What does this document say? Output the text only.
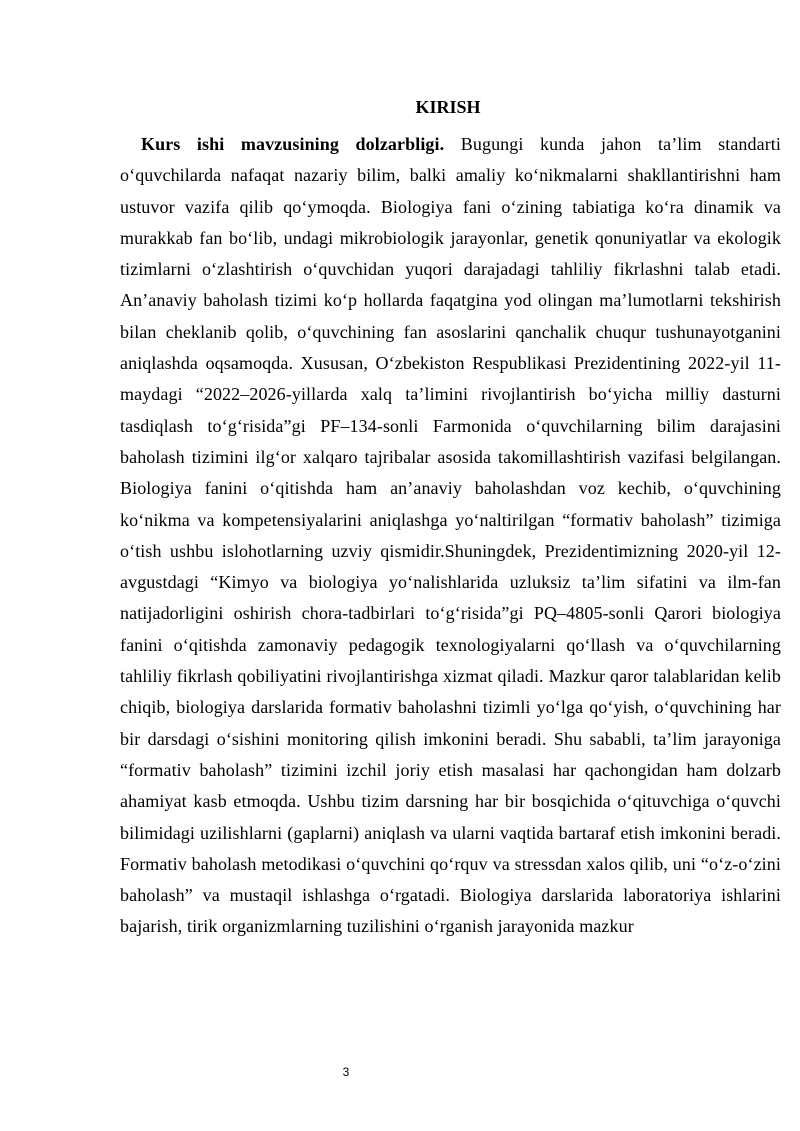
KIRISH

Kurs ishi mavzusining dolzarbligi. Bugungi kunda jahon ta’lim standarti o‘quvchilarda nafaqat nazariy bilim, balki amaliy ko‘nikmalarni shakllantirishni ham ustuvor vazifa qilib qo‘ymoqda. Biologiya fani o‘zining tabiatiga ko‘ra dinamik va murakkab fan bo‘lib, undagi mikrobiologik jarayonlar, genetik qonuniyatlar va ekologik tizimlarni o‘zlashtirish o‘quvchidan yuqori darajadagi tahliliy fikrlashni talab etadi. An’anaviy baholash tizimi ko‘p hollarda faqatgina yod olingan ma’lumotlarni tekshirish bilan cheklanib qolib, o‘quvchining fan asoslarini qanchalik chuqur tushunayotganini aniqlashda oqsamoqda. Xususan, O‘zbekiston Respublikasi Prezidentining 2022-yil 11-maydagi “2022–2026-yillarda xalq ta’limini rivojlantirish bo‘yicha milliy dasturni tasdiqlash to‘g‘risida”gi PF–134-sonli Farmonida o‘quvchilarning bilim darajasini baholash tizimini ilg‘or xalqaro tajribalar asosida takomillashtirish vazifasi belgilangan. Biologiya fanini o‘qitishda ham an’anaviy baholashdan voz kechib, o‘quvchining ko‘nikma va kompetensiyalarini aniqlashga yo‘naltirilgan “formativ baholash” tizimiga o‘tish ushbu islohotlarning uzviy qismidir.Shuningdek, Prezidentimizning 2020-yil 12-avgustdagi “Kimyo va biologiya yo‘nalishlarida uzluksiz ta’lim sifatini va ilm-fan natijadorligini oshirish chora-tadbirlari to‘g‘risida”gi PQ–4805-sonli Qarori biologiya fanini o‘qitishda zamonaviy pedagogik texnologiyalarni qo‘llash va o‘quvchilarning tahliliy fikrlash qobiliyatini rivojlantirishga xizmat qiladi. Mazkur qaror talablaridan kelib chiqib, biologiya darslarida formativ baholashni tizimli yo‘lga qo‘yish, o‘quvchining har bir darsdagi o‘sishini monitoring qilish imkonini beradi. Shu sababli, ta’lim jarayoniga “formativ baholash” tizimini izchil joriy etish masalasi har qachongidan ham dolzarb ahamiyat kasb etmoqda. Ushbu tizim darsning har bir bosqichida o‘qituvchiga o‘quvchi bilimidagi uzilishlarni (gaplarni) aniqlash va ularni vaqtida bartaraf etish imkonini beradi. Formativ baholash metodikasi o‘quvchini qo‘rquv va stressdan xalos qilib, uni “o‘z-o‘zini baholash” va mustaqil ishlashga o‘rgatadi. Biologiya darslarida laboratoriya ishlarini bajarish, tirik organizmlarning tuzilishini o‘rganish jarayonida mazkur

3
